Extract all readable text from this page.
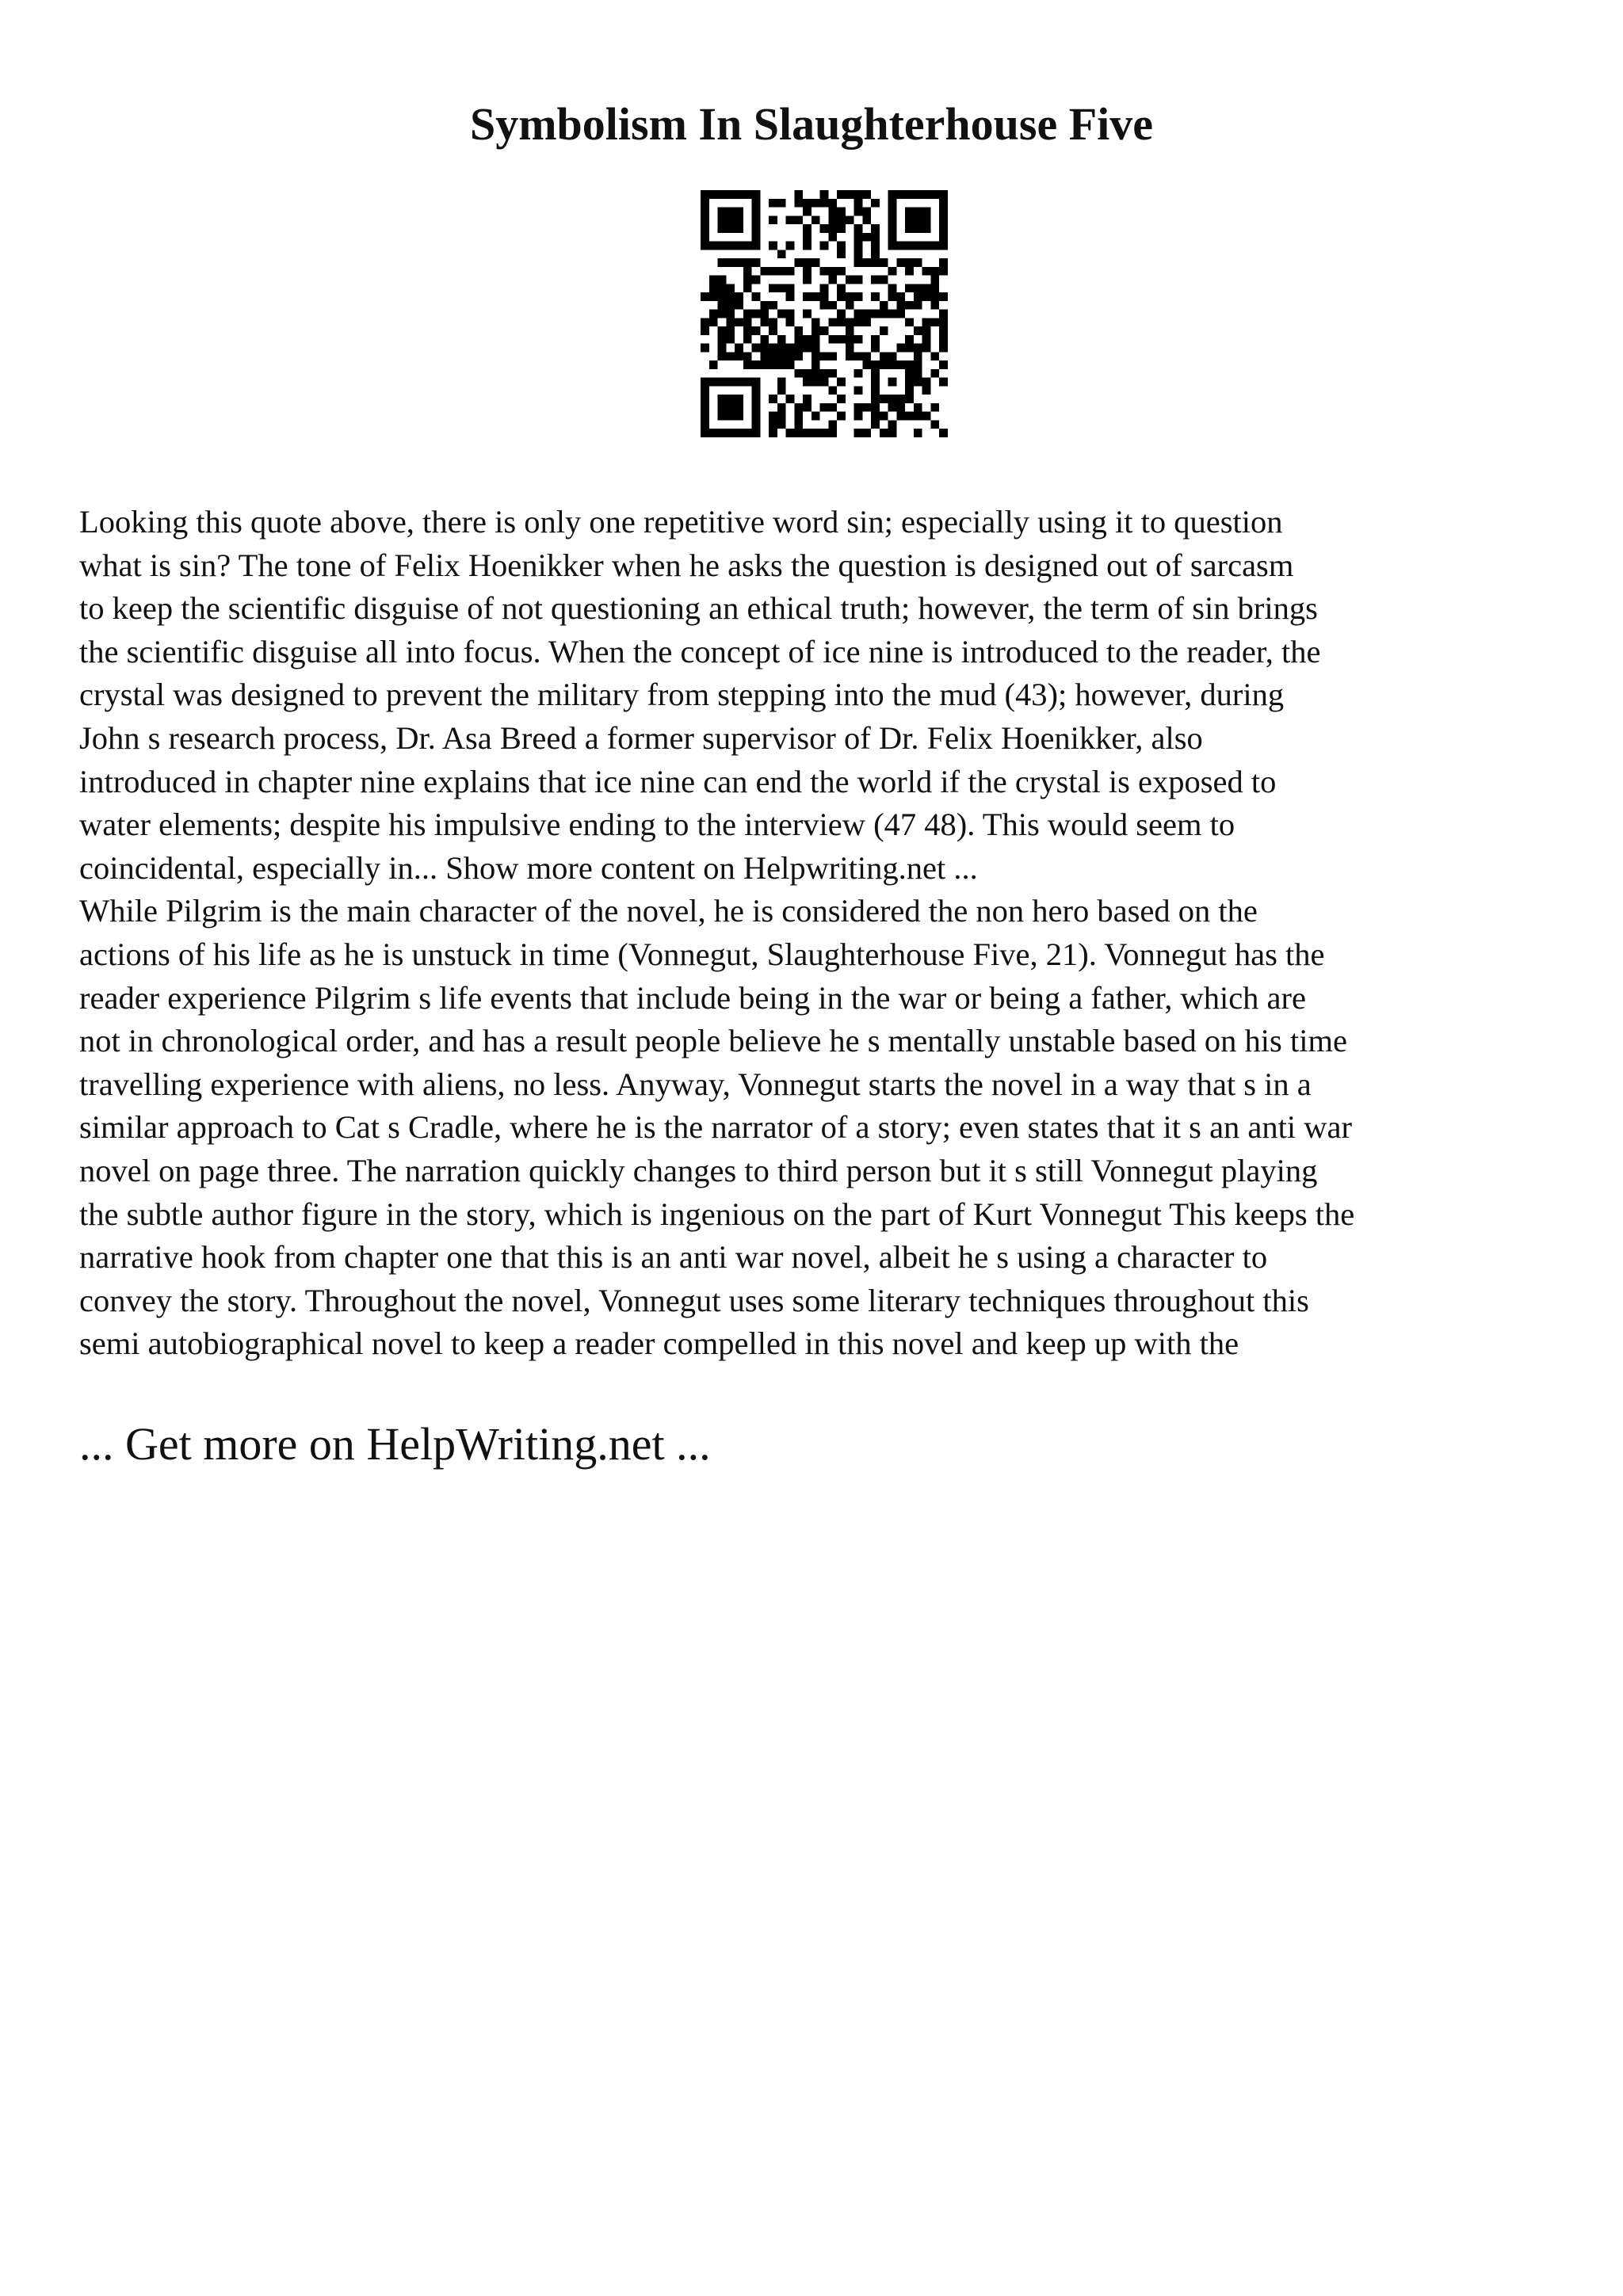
Symbolism In Slaughterhouse Five
Looking this quote above, there is only one repetitive word sin; especially using it to question
what is sin? The tone of Felix Hoenikker when he asks the question is designed out of sarcasm
to keep the scientific disguise of not questioning an ethical truth; however, the term of sin brings
the scientific disguise all into focus. When the concept of ice nine is introduced to the reader, the
crystal was designed to prevent the military from stepping into the mud (43); however, during
John s research process, Dr. Asa Breed a former supervisor of Dr. Felix Hoenikker, also
introduced in chapter nine explains that ice nine can end the world if the crystal is exposed to
water elements; despite his impulsive ending to the interview (47 48). This would seem to
coincidental, especially in... Show more content on Helpwriting.net ...
While Pilgrim is the main character of the novel, he is considered the non hero based on the
actions of his life as he is unstuck in time (Vonnegut, Slaughterhouse Five, 21). Vonnegut has the
reader experience Pilgrim s life events that include being in the war or being a father, which are
not in chronological order, and has a result people believe he s mentally unstable based on his time
travelling experience with aliens, no less. Anyway, Vonnegut starts the novel in a way that s in a
similar approach to Cat s Cradle, where he is the narrator of a story; even states that it s an anti war
novel on page three. The narration quickly changes to third person but it s still Vonnegut playing
the subtle author figure in the story, which is ingenious on the part of Kurt Vonnegut This keeps the
narrative hook from chapter one that this is an anti war novel, albeit he s using a character to
convey the story. Throughout the novel, Vonnegut uses some literary techniques throughout this
semi autobiographical novel to keep a reader compelled in this novel and keep up with the

... Get more on HelpWriting.net ...
